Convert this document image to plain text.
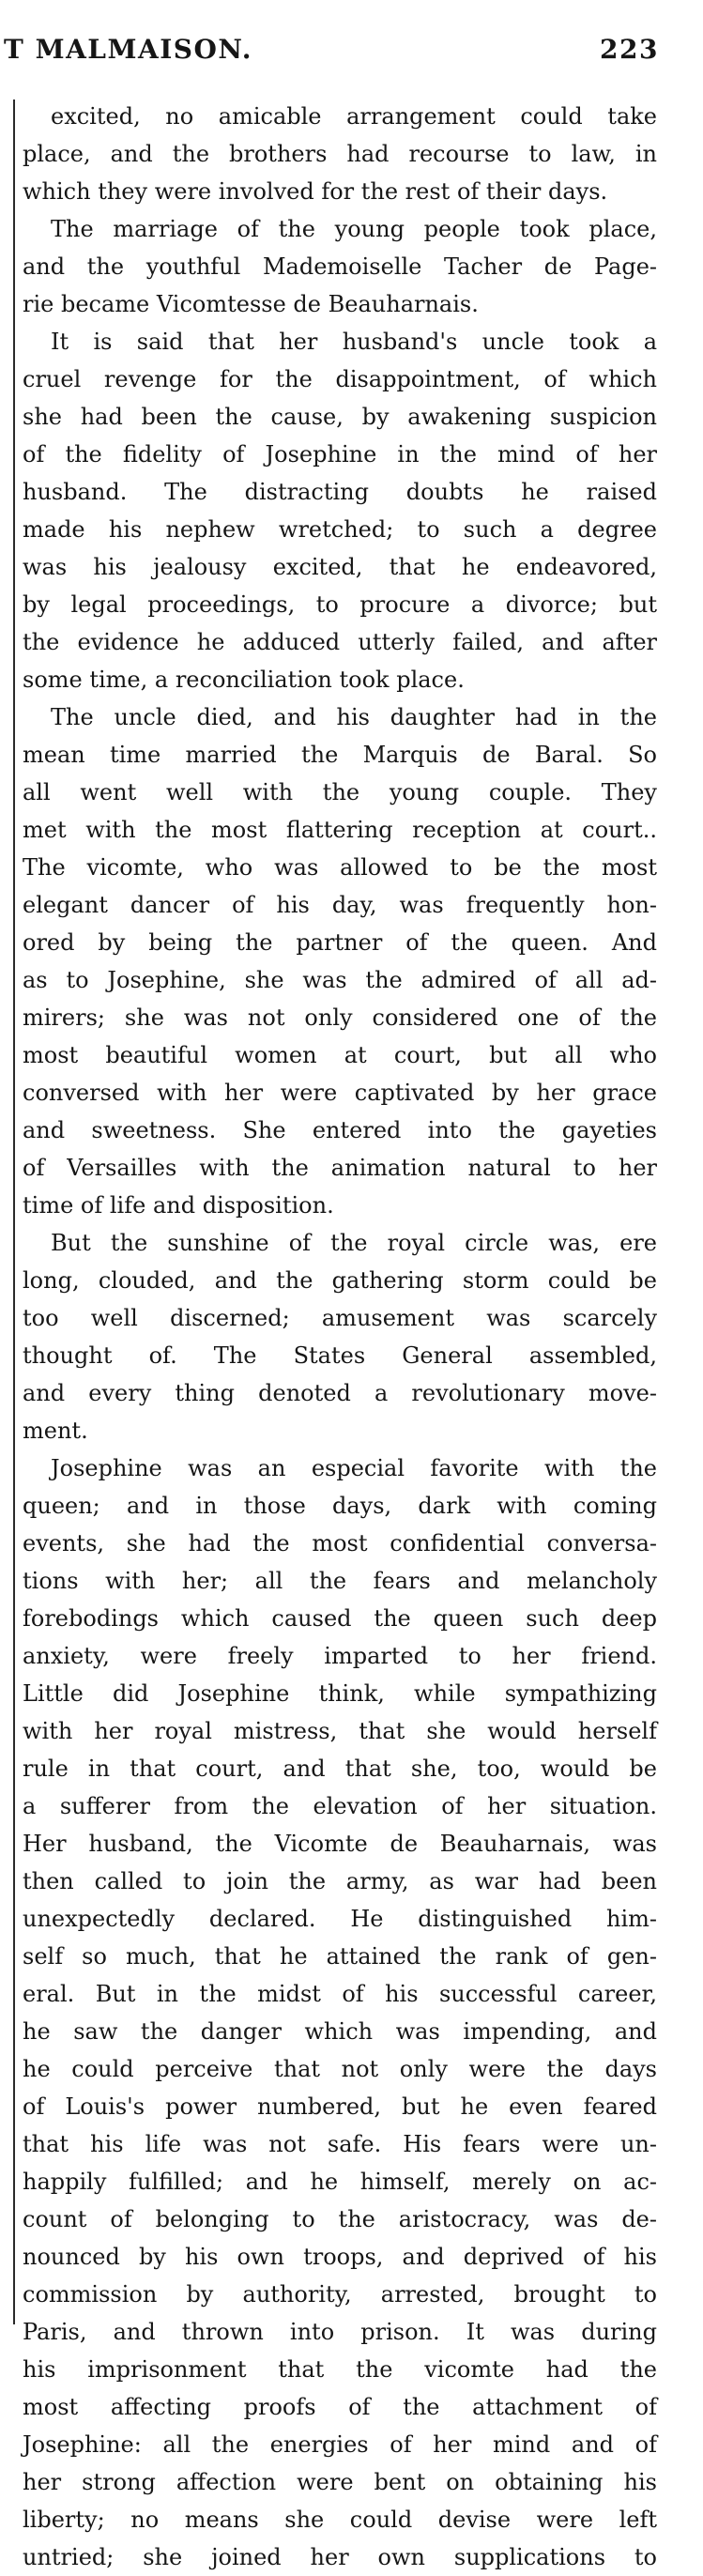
T MALMAISON.	223
excited, no amicable arrangement could take
place, and the brothers had recourse to law, in
which they were involved for the rest of their days.
The marriage of the young people took place,
and the youthful Mademoiselle Tacher de Page-
rie became Vicomtesse de Beauharnais.
It is said that her husband's uncle took a
cruel revenge for the disappointment, of which
she had been the cause, by awakening suspicion
of the fidelity of Josephine in the mind of her
husband. The distracting doubts he raised
made his nephew wretched; to such a degree
was his jealousy excited, that he endeavored,
by legal proceedings, to procure a divorce; but
the evidence he adduced utterly failed, and after
some time, a reconciliation took place.
The uncle died, and his daughter had in the
mean time married the Marquis de Baral. So
all went well with the young couple. They
met with the most flattering reception at court..
The vicomte, who was allowed to be the most
elegant dancer of his day, was frequently hon-
ored by being the partner of the queen. And
as to Josephine, she was the admired of all ad-
mirers; she was not only considered one of the
most beautiful women at court, but all who
conversed with her were captivated by her grace
and sweetness. She entered into the gayeties
of Versailles with the animation natural to her
time of life and disposition.
But the sunshine of the royal circle was, ere
long, clouded, and the gathering storm could be
too well discerned; amusement was scarcely
thought of. The States General assembled,
and every thing denoted a revolutionary move-
ment.
Josephine was an especial favorite with the
queen; and in those days, dark with coming
events, she had the most confidential conversa-
tions with her; all the fears and melancholy
forebodings which caused the queen such deep
anxiety, were freely imparted to her friend.
Little did Josephine think, while sympathizing
with her royal mistress, that she would herself
rule in that court, and that she, too, would be
a sufferer from the elevation of her situation.
Her husband, the Vicomte de Beauharnais, was
then called to join the army, as war had been
unexpectedly declared. He distinguished him-
self so much, that he attained the rank of gen-
eral. But in the midst of his successful career,
he saw the danger which was impending, and
he could perceive that not only were the days
of Louis's power numbered, but he even feared
that his life was not safe. His fears were un-
happily fulfilled; and he himself, merely on ac-
count of belonging to the aristocracy, was de-
nounced by his own troops, and deprived of his
commission by authority, arrested, brought to
Paris, and thrown into prison. It was during
his imprisonment that the vicomte had the
most affecting proofs of the attachment of
Josephine: all the energies of her mind and of
her strong affection were bent on obtaining his
liberty; no means she could devise were left
untried; she joined her own supplications to
